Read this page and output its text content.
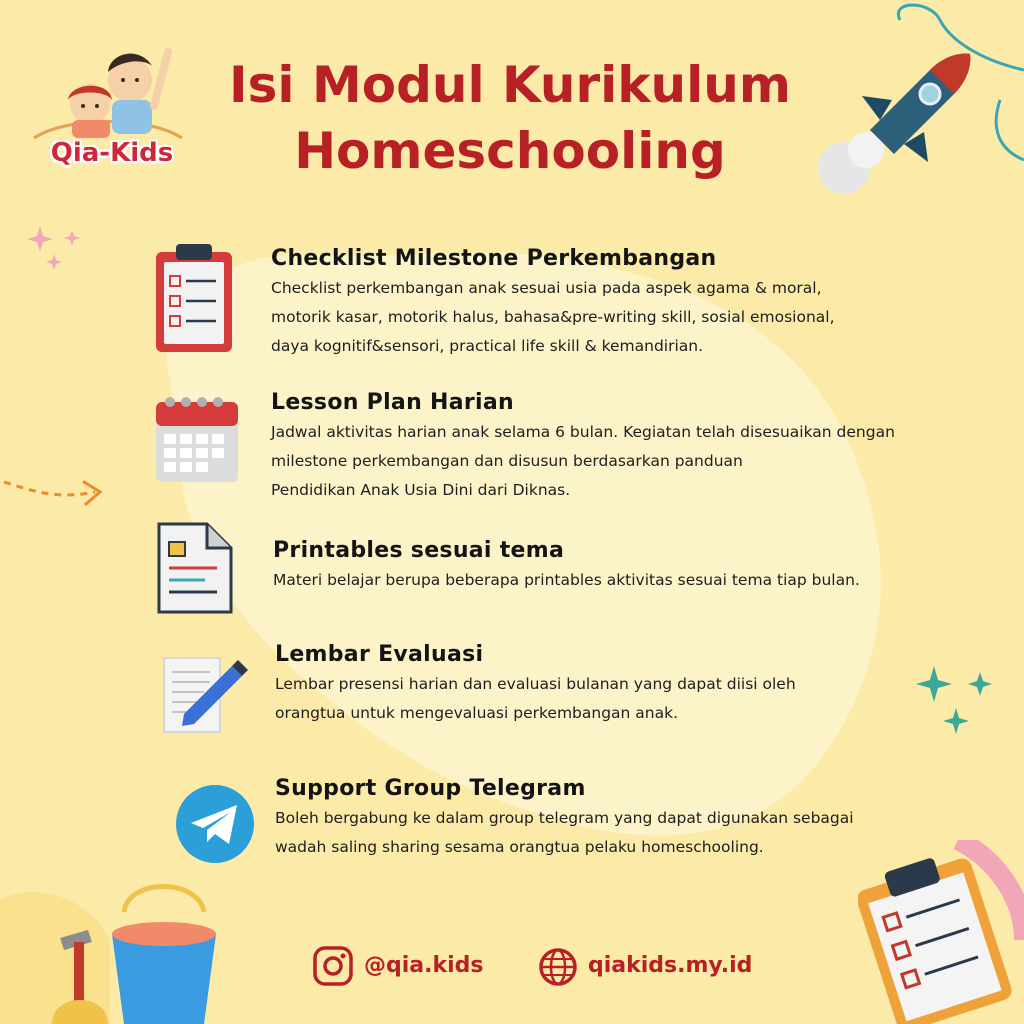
Qia-Kids
Isi Modul Kurikulum
Homeschooling
Checklist Milestone Perkembangan
Checklist perkembangan anak sesuai usia pada aspek agama & moral,
motorik kasar, motorik halus, bahasa&pre-writing skill, sosial emosional,
daya kognitif&sensori, practical life skill & kemandirian.
Lesson Plan Harian
Jadwal aktivitas harian anak selama 6 bulan. Kegiatan telah disesuaikan dengan
milestone perkembangan dan disusun berdasarkan panduan
Pendidikan Anak Usia Dini dari Diknas.
Printables sesuai tema
Materi belajar berupa beberapa printables aktivitas sesuai tema tiap bulan.
Lembar Evaluasi
Lembar presensi harian dan evaluasi bulanan yang dapat diisi oleh
orangtua untuk mengevaluasi perkembangan anak.
Support Group Telegram
Boleh bergabung ke dalam group telegram yang dapat digunakan sebagai
wadah saling sharing sesama orangtua pelaku homeschooling.
@qia.kids	qiakids.my.id
